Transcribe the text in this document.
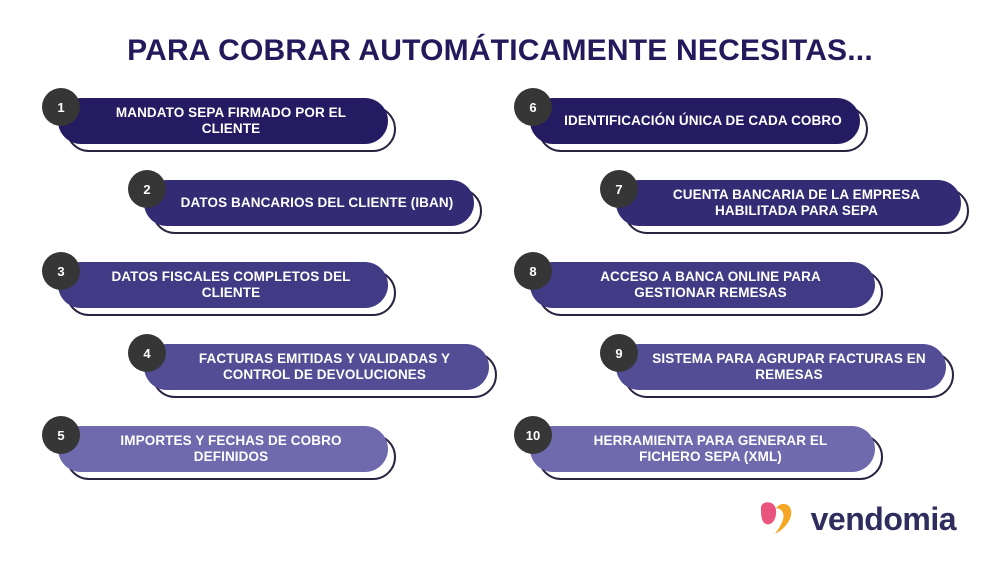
PARA COBRAR AUTOMÁTICAMENTE NECESITAS...
MANDATO SEPA FIRMADO POR EL CLIENTE
1
DATOS BANCARIOS DEL CLIENTE (IBAN)
2
DATOS FISCALES COMPLETOS DEL CLIENTE
3
FACTURAS EMITIDAS Y VALIDADAS Y CONTROL DE DEVOLUCIONES
4
IMPORTES Y FECHAS DE COBRO DEFINIDOS
5
IDENTIFICACIÓN ÚNICA DE CADA COBRO
6
CUENTA BANCARIA DE LA EMPRESA HABILITADA PARA SEPA
7
ACCESO A BANCA ONLINE PARA GESTIONAR REMESAS
8
SISTEMA PARA AGRUPAR FACTURAS EN REMESAS
9
HERRAMIENTA PARA GENERAR EL FICHERO SEPA (XML)
10
vendomia
